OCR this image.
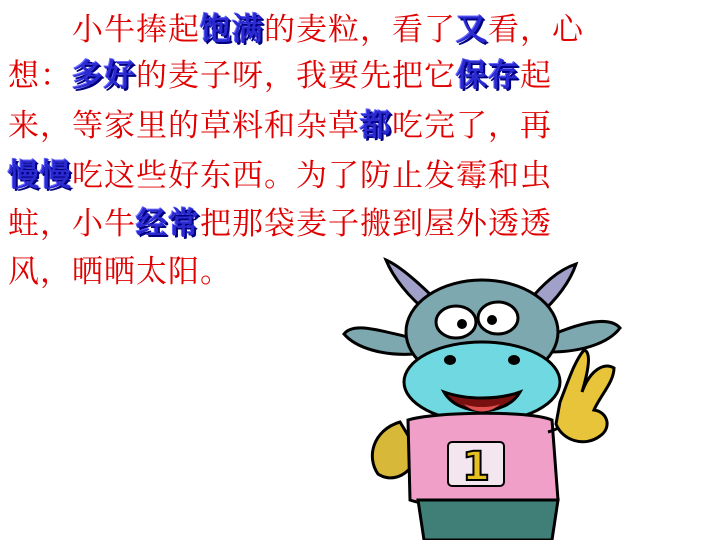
小牛捧起饱满的麦粒，看了又看，心
想：多好的麦子呀，我要先把它保存起
来，等家里的草料和杂草都吃完了，再
慢慢吃这些好东西。为了防止发霉和虫
蛀，小牛经常把那袋麦子搬到屋外透透
风，晒晒太阳。
1
